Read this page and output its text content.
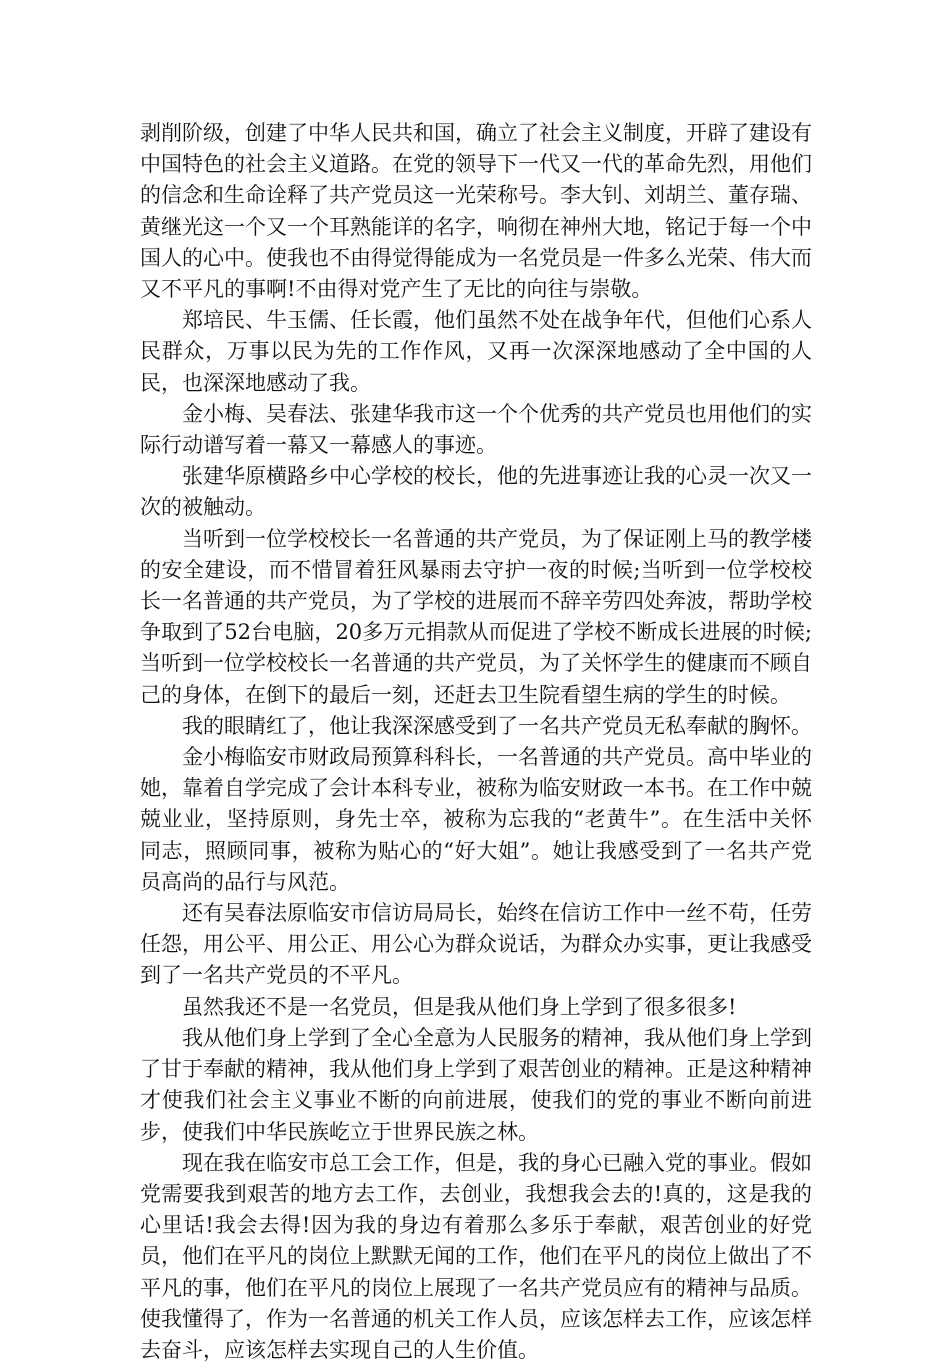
剥削阶级，创建了中华人民共和国，确立了社会主义制度，开辟了建设有中国特色的社会主义道路。在党的领导下一代又一代的革命先烈，用他们的信念和生命诠释了共产党员这一光荣称号。李大钊、刘胡兰、董存瑞、黄继光这一个又一个耳熟能详的名字，响彻在神州大地，铭记于每一个中国人的心中。使我也不由得觉得能成为一名党员是一件多么光荣、伟大而又不平凡的事啊!不由得对党产生了无比的向往与崇敬。

郑培民、牛玉儒、任长霞，他们虽然不处在战争年代，但他们心系人民群众，万事以民为先的工作作风，又再一次深深地感动了全中国的人民，也深深地感动了我。

金小梅、吴春法、张建华我市这一个个优秀的共产党员也用他们的实际行动谱写着一幕又一幕感人的事迹。

张建华原横路乡中心学校的校长，他的先进事迹让我的心灵一次又一次的被触动。

当听到一位学校校长一名普通的共产党员，为了保证刚上马的教学楼的安全建设，而不惜冒着狂风暴雨去守护一夜的时候;当听到一位学校校长一名普通的共产党员，为了学校的进展而不辞辛劳四处奔波，帮助学校争取到了52台电脑，20多万元捐款从而促进了学校不断成长进展的时候;当听到一位学校校长一名普通的共产党员，为了关怀学生的健康而不顾自己的身体，在倒下的最后一刻，还赶去卫生院看望生病的学生的时候。

我的眼睛红了，他让我深深感受到了一名共产党员无私奉献的胸怀。

金小梅临安市财政局预算科科长，一名普通的共产党员。高中毕业的她，靠着自学完成了会计本科专业，被称为临安财政一本书。在工作中兢兢业业，坚持原则，身先士卒，被称为忘我的“老黄牛”。在生活中关怀同志，照顾同事，被称为贴心的“好大姐”。她让我感受到了一名共产党员高尚的品行与风范。

还有吴春法原临安市信访局局长，始终在信访工作中一丝不苟，任劳任怨，用公平、用公正、用公心为群众说话，为群众办实事，更让我感受到了一名共产党员的不平凡。

虽然我还不是一名党员，但是我从他们身上学到了很多很多!

我从他们身上学到了全心全意为人民服务的精神，我从他们身上学到了甘于奉献的精神，我从他们身上学到了艰苦创业的精神。正是这种精神才使我们社会主义事业不断的向前进展，使我们的党的事业不断向前进步，使我们中华民族屹立于世界民族之林。

现在我在临安市总工会工作，但是，我的身心已融入党的事业。假如党需要我到艰苦的地方去工作，去创业，我想我会去的!真的，这是我的心里话!我会去得!因为我的身边有着那么多乐于奉献，艰苦创业的好党员，他们在平凡的岗位上默默无闻的工作，他们在平凡的岗位上做出了不平凡的事，他们在平凡的岗位上展现了一名共产党员应有的精神与品质。使我懂得了，作为一名普通的机关工作人员，应该怎样去工作，应该怎样去奋斗，应该怎样去实现自己的人生价值。
